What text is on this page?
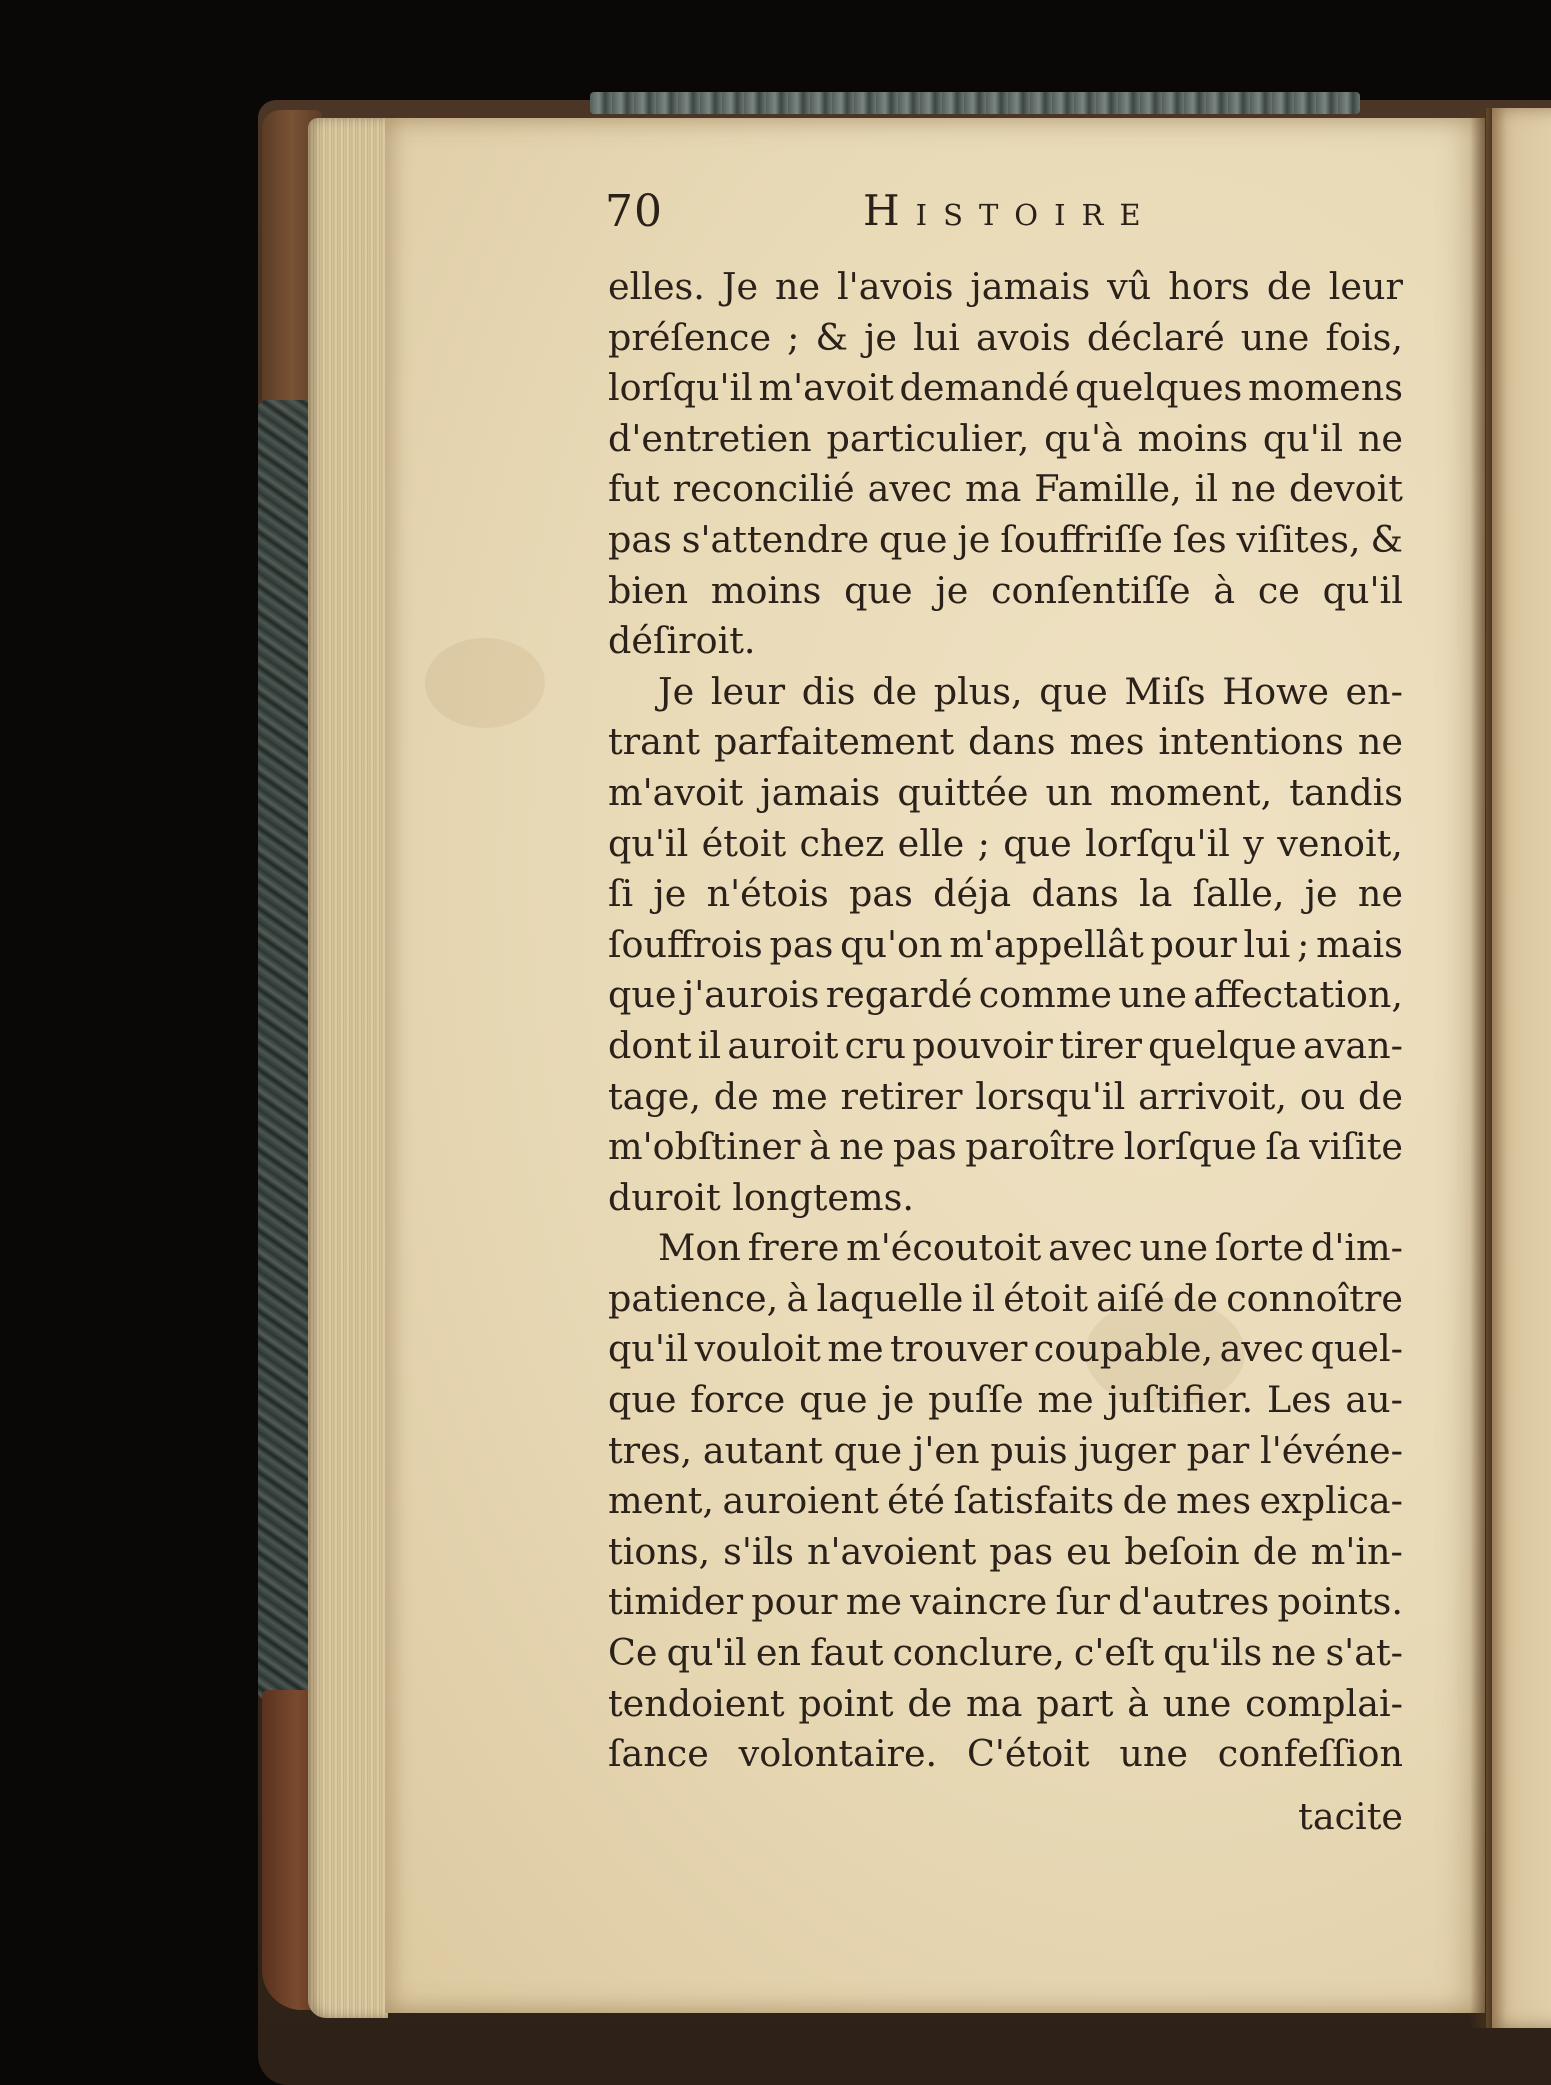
70	Histoire
elles. Je ne l'avois jamais vû hors de leur
préſence ; & je lui avois déclaré une fois,
lorſqu'il m'avoit demandé quelques momens
d'entretien particulier, qu'à moins qu'il ne
fut reconcilié avec ma Famille, il ne devoit
pas s'attendre que je ſouffriſſe ſes viſites, &
bien moins que je conſentiſſe à ce qu'il
déſiroit.
Je leur dis de plus, que Miſs Howe en-
trant parfaitement dans mes intentions ne
m'avoit jamais quittée un moment, tandis
qu'il étoit chez elle ; que lorſqu'il y venoit,
ſi je n'étois pas déja dans la ſalle, je ne
ſouffrois pas qu'on m'appellât pour lui ; mais
que j'aurois regardé comme une affectation,
dont il auroit cru pouvoir tirer quelque avan-
tage, de me retirer lorsqu'il arrivoit, ou de
m'obſtiner à ne pas paroître lorſque ſa viſite
duroit longtems.
Mon frere m'écoutoit avec une ſorte d'im-
patience, à laquelle il étoit aiſé de connoître
qu'il vouloit me trouver coupable, avec quel-
que force que je puſſe me juſtifier. Les au-
tres, autant que j'en puis juger par l'événe-
ment, auroient été ſatisfaits de mes explica-
tions, s'ils n'avoient pas eu beſoin de m'in-
timider pour me vaincre ſur d'autres points.
Ce qu'il en faut conclure, c'eſt qu'ils ne s'at-
tendoient point de ma part à une complai-
ſance volontaire. C'étoit une confeſſion
tacite
